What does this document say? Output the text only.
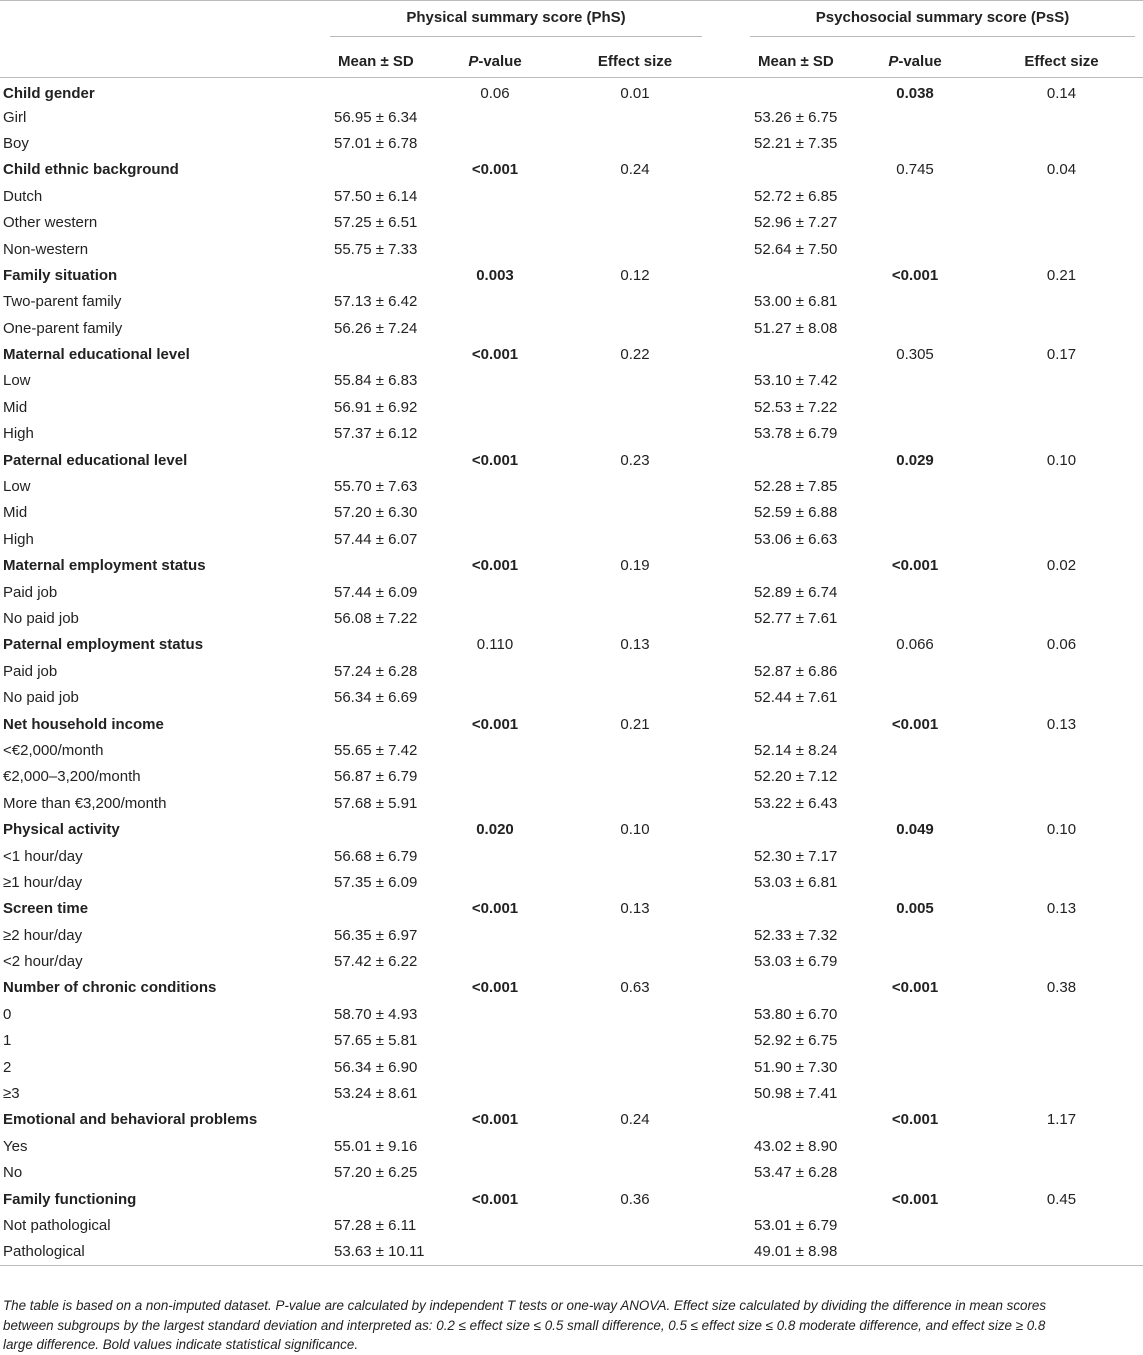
	Physical summary score (PhS)				Psychosocial summary score (PsS)		

	Mean ± SD	P-value	Effect size		Mean ± SD	P-value	Effect size
Child gender		0.06	0.01			0.038	0.14
Girl	56.95 ± 6.34				53.26 ± 6.75		
Boy	57.01 ± 6.78				52.21 ± 7.35		
Child ethnic background		<0.001	0.24			0.745	0.04
Dutch	57.50 ± 6.14				52.72 ± 6.85		
Other western	57.25 ± 6.51				52.96 ± 7.27		
Non-western	55.75 ± 7.33				52.64 ± 7.50		
Family situation		0.003	0.12			<0.001	0.21
Two-parent family	57.13 ± 6.42				53.00 ± 6.81		
One-parent family	56.26 ± 7.24				51.27 ± 8.08		
Maternal educational level		<0.001	0.22			0.305	0.17
Low	55.84 ± 6.83				53.10 ± 7.42		
Mid	56.91 ± 6.92				52.53 ± 7.22		
High	57.37 ± 6.12				53.78 ± 6.79		
Paternal educational level		<0.001	0.23			0.029	0.10
Low	55.70 ± 7.63				52.28 ± 7.85		
Mid	57.20 ± 6.30				52.59 ± 6.88		
High	57.44 ± 6.07				53.06 ± 6.63		
Maternal employment status		<0.001	0.19			<0.001	0.02
Paid job	57.44 ± 6.09				52.89 ± 6.74		
No paid job	56.08 ± 7.22				52.77 ± 7.61		
Paternal employment status		0.110	0.13			0.066	0.06
Paid job	57.24 ± 6.28				52.87 ± 6.86		
No paid job	56.34 ± 6.69				52.44 ± 7.61		
Net household income		<0.001	0.21			<0.001	0.13
<€2,000/month	55.65 ± 7.42				52.14 ± 8.24		
€2,000–3,200/month	56.87 ± 6.79				52.20 ± 7.12		
More than €3,200/month	57.68 ± 5.91				53.22 ± 6.43		
Physical activity		0.020	0.10			0.049	0.10
<1 hour/day	56.68 ± 6.79				52.30 ± 7.17		
≥1 hour/day	57.35 ± 6.09				53.03 ± 6.81		
Screen time		<0.001	0.13			0.005	0.13
≥2 hour/day	56.35 ± 6.97				52.33 ± 7.32		
<2 hour/day	57.42 ± 6.22				53.03 ± 6.79		
Number of chronic conditions		<0.001	0.63			<0.001	0.38
0	58.70 ± 4.93				53.80 ± 6.70		
1	57.65 ± 5.81				52.92 ± 6.75		
2	56.34 ± 6.90				51.90 ± 7.30		
≥3	53.24 ± 8.61				50.98 ± 7.41		
Emotional and behavioral problems		<0.001	0.24			<0.001	1.17
Yes	55.01 ± 9.16				43.02 ± 8.90		
No	57.20 ± 6.25				53.47 ± 6.28		
Family functioning		<0.001	0.36			<0.001	0.45
Not pathological	57.28 ± 6.11				53.01 ± 6.79		
Pathological	53.63 ± 10.11				49.01 ± 8.98		
The table is based on a non-imputed dataset. P-value are calculated by independent T tests or one-way ANOVA. Effect size calculated by dividing the difference in mean scores
between subgroups by the largest standard deviation and interpreted as: 0.2 ≤ effect size ≤ 0.5 small difference, 0.5 ≤ effect size ≤ 0.8 moderate difference, and effect size ≥ 0.8
large difference. Bold values indicate statistical significance.
